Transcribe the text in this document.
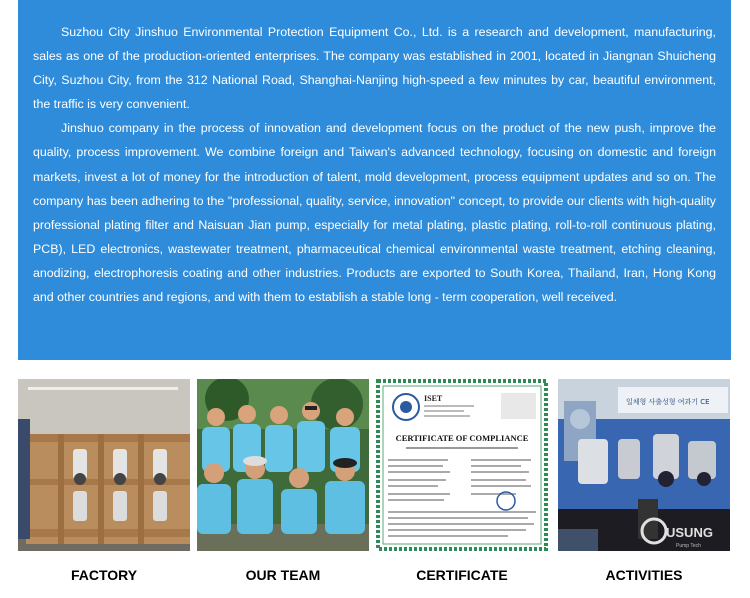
Suzhou City Jinshuo Environmental Protection Equipment Co., Ltd. is a research and development, manufacturing, sales as one of the production-oriented enterprises. The company was established in 2001, located in Jiangnan Shuicheng City, Suzhou City, from the 312 National Road, Shanghai-Nanjing high-speed a few minutes by car, beautiful environment, the traffic is very convenient.

Jinshuo company in the process of innovation and development focus on the product of the new push, improve the quality, process improvement. We combine foreign and Taiwan's advanced technology, focusing on domestic and foreign markets, invest a lot of money for the introduction of talent, mold development, process equipment updates and so on. The company has been adhering to the "professional, quality, service, innovation" concept, to provide our clients with high-quality professional plating filter and Naisuan Jian pump, especially for metal plating, plastic plating, roll-to-roll continuous plating, PCB), LED electronics, wastewater treatment, pharmaceutical chemical environmental waste treatment, etching cleaning, anodizing, electrophoresis coating and other industries. Products are exported to South Korea, Thailand, Iran, Hong Kong and other countries and regions, and with them to establish a stable long - term cooperation, well received.

FACTORY	OUR TEAM
ISET
CERTIFICATE OF COMPLIANCE
CERTIFICATE
일체형 사출성형 여과기 CE
USUNG
Pump Tech
ACTIVITIES
